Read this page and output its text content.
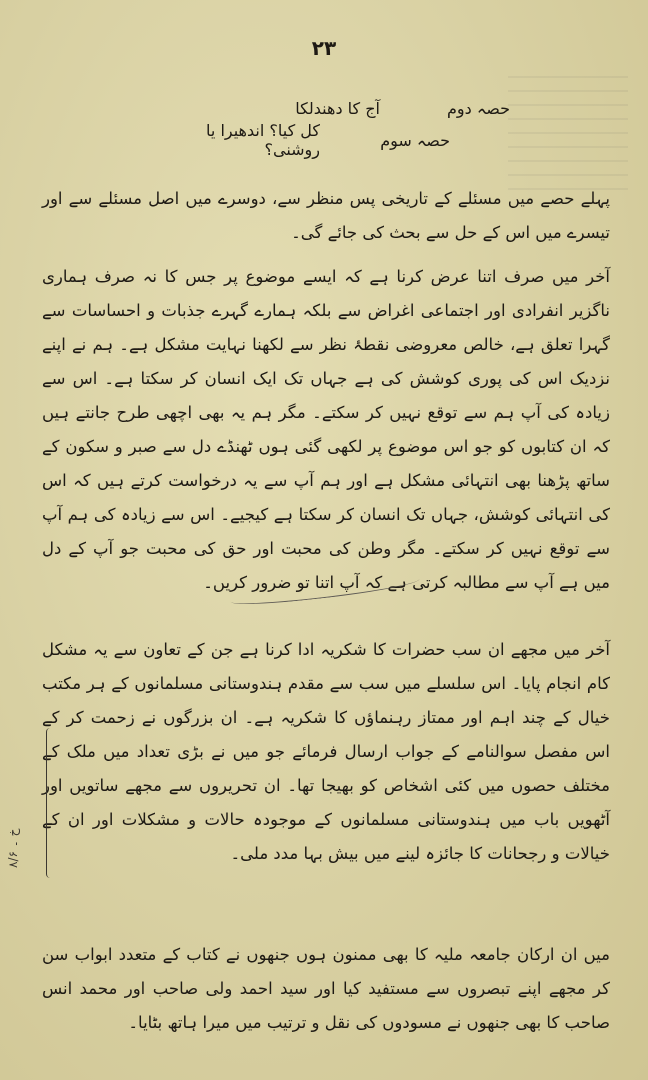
۲۳
حصہ دوم
آج کا دھندلکا
حصہ سوم
کل کیا؟ اندھیرا یا روشنی؟

پہلے حصے میں مسئلے کے تاریخی پس منظر سے، دوسرے میں اصل مسئلے سے اور تیسرے میں اس کے حل سے بحث کی جائے گی۔

آخر میں صرف اتنا عرض کرنا ہے کہ ایسے موضوع پر جس کا نہ صرف ہماری ناگزیر انفرادی اور اجتماعی اغراض سے بلکہ ہمارے گہرے جذبات و احساسات سے گہرا تعلق ہے، خالص معروضی نقطۂ نظر سے لکھنا نہایت مشکل ہے۔ ہم نے اپنے نزدیک اس کی پوری کوشش کی ہے جہاں تک ایک انسان کر سکتا ہے۔ اس سے زیادہ کی آپ ہم سے توقع نہیں کر سکتے۔ مگر ہم یہ بھی اچھی طرح جانتے ہیں کہ ان کتابوں کو جو اس موضوع پر لکھی گئی ہوں ٹھنڈے دل سے صبر و سکون کے ساتھ پڑھنا بھی انتہائی مشکل ہے اور ہم آپ سے یہ درخواست کرتے ہیں کہ اس کی انتہائی کوشش، جہاں تک انسان کر سکتا ہے کیجیے۔ اس سے زیادہ کی ہم آپ سے توقع نہیں کر سکتے۔ مگر وطن کی محبت اور حق کی محبت جو آپ کے دل میں ہے آپ سے مطالبہ کرتی ہے کہ آپ اتنا تو ضرور کریں۔

آخر میں مجھے ان سب حضرات کا شکریہ ادا کرنا ہے جن کے تعاون سے یہ مشکل کام انجام پایا۔ اس سلسلے میں سب سے مقدم ہندوستانی مسلمانوں کے ہر مکتب خیال کے چند اہم اور ممتاز رہنماؤں کا شکریہ ہے۔ ان بزرگوں نے زحمت کر کے اس مفصل سوالنامے کے جواب ارسال فرمائے جو میں نے بڑی تعداد میں ملک کے مختلف حصوں میں کئی اشخاص کو بھیجا تھا۔ ان تحریروں سے مجھے ساتویں اور آٹھویں باب میں ہندوستانی مسلمانوں کے موجودہ حالات و مشکلات اور ان کے خیالات و رجحانات کا جائزہ لینے میں بیش بہا مدد ملی۔

میں ان ارکان جامعہ ملیہ کا بھی ممنون ہوں جنھوں نے کتاب کے متعدد ابواب سن کر مجھے اپنے تبصروں سے مستفید کیا اور سید احمد ولی صاحب اور محمد انس صاحب کا بھی جنھوں نے مسودوں کی نقل و ترتیب میں میرا ہاتھ بٹایا۔

خ ۔ ۸/۶
